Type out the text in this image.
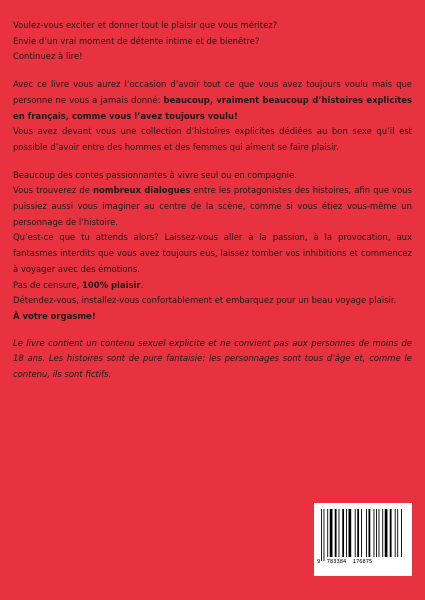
Voulez-vous exciter et donner tout le plaisir que vous méritez?

Envie d’un vrai moment de détente intime et de bienêtre?

Continuez à lire!

Avec ce livre vous aurez l’occasion d’avoir tout ce que vous avez toujours voulu mais que personne ne vous a jamais donné: beaucoup, vraiment beaucoup d’histoires explicites en français, comme vous l’avez toujours voulu!

Vous avez devant vous une collection d’histoires explicites dédiées au bon sexe qu’il est possible d’avoir entre des hommes et des femmes qui aiment se faire plaisir.

Beaucoup des contes passionnantes à vivre seul ou en compagnie.

Vous trouverez de nombreux dialogues entre les protagonistes des histoires, afin que vous puissiez aussi vous imaginer au centre de la scène, comme si vous étiez vous-même un personnage de l’histoire.

Qu’est-ce que tu attends alors? Laissez-vous aller à la passion, à la provocation, aux fantasmes interdits que vous avez toujours eus, laissez tomber vos inhibitions et commencez à voyager avec des émotions.

Pas de censure, 100% plaisir.

Détendez-vous, installez-vous confortablement et embarquez pour un beau voyage plaisir.

À votre orgasme!

Le livre contient un contenu sexuel explicite et ne convient pas aux personnes de moins de 18 ans. Les histoires sont de pure fantaisie: les personnages sont tous d’âge et, comme le contenu, ils sont fictifs.

9 783384 176875
